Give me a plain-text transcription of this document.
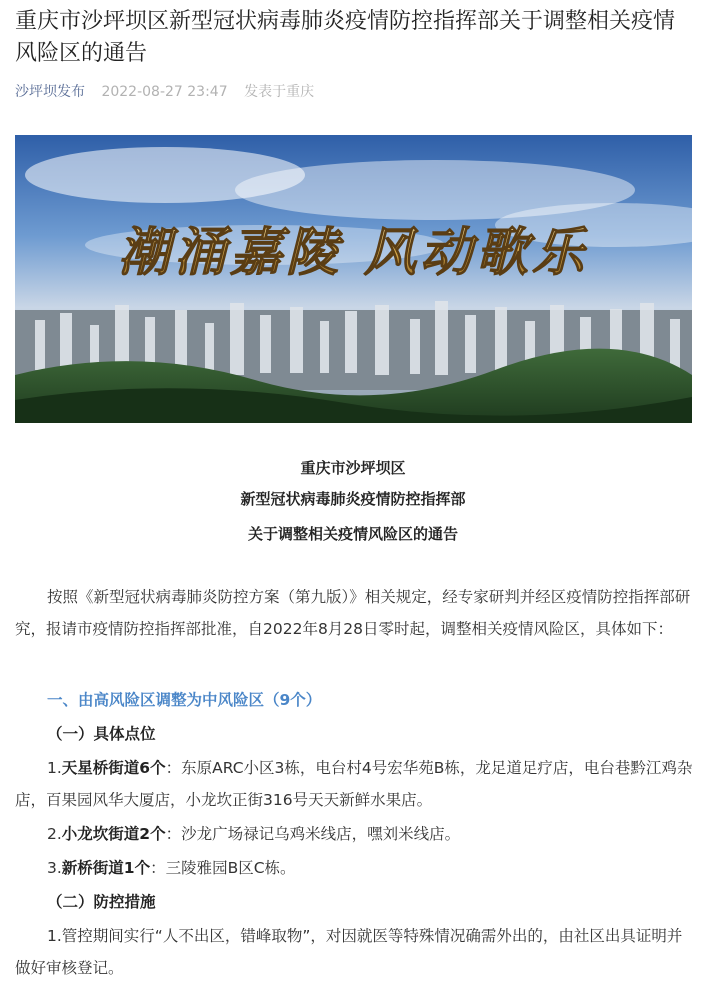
重庆市沙坪坝区新型冠状病毒肺炎疫情防控指挥部关于调整相关疫情风险区的通告
沙坪坝发布 2022-08-27 23:47 发表于重庆
潮涌嘉陵 风动歌乐
重庆市沙坪坝区
新型冠状病毒肺炎疫情防控指挥部
关于调整相关疫情风险区的通告

按照《新型冠状病毒肺炎防控方案（第九版）》相关规定，经专家研判并经区疫情防控指挥部研究，报请市疫情防控指挥部批准，自2022年8月28日零时起，调整相关疫情风险区，具体如下：

一、由高风险区调整为中风险区（9个）

（一）具体点位

1.天星桥街道6个：东原ARC小区3栋，电台村4号宏华苑B栋，龙足道足疗店，电台巷黔江鸡杂店，百果园风华大厦店，小龙坎正街316号天天新鲜水果店。

2.小龙坎街道2个：沙龙广场禄记乌鸡米线店，嘿刘米线店。

3.新桥街道1个：三陵雅园B区C栋。

（二）防控措施

1.管控期间实行“人不出区，错峰取物”，对因就医等特殊情况确需外出的，由社区出具证明并做好审核登记。
